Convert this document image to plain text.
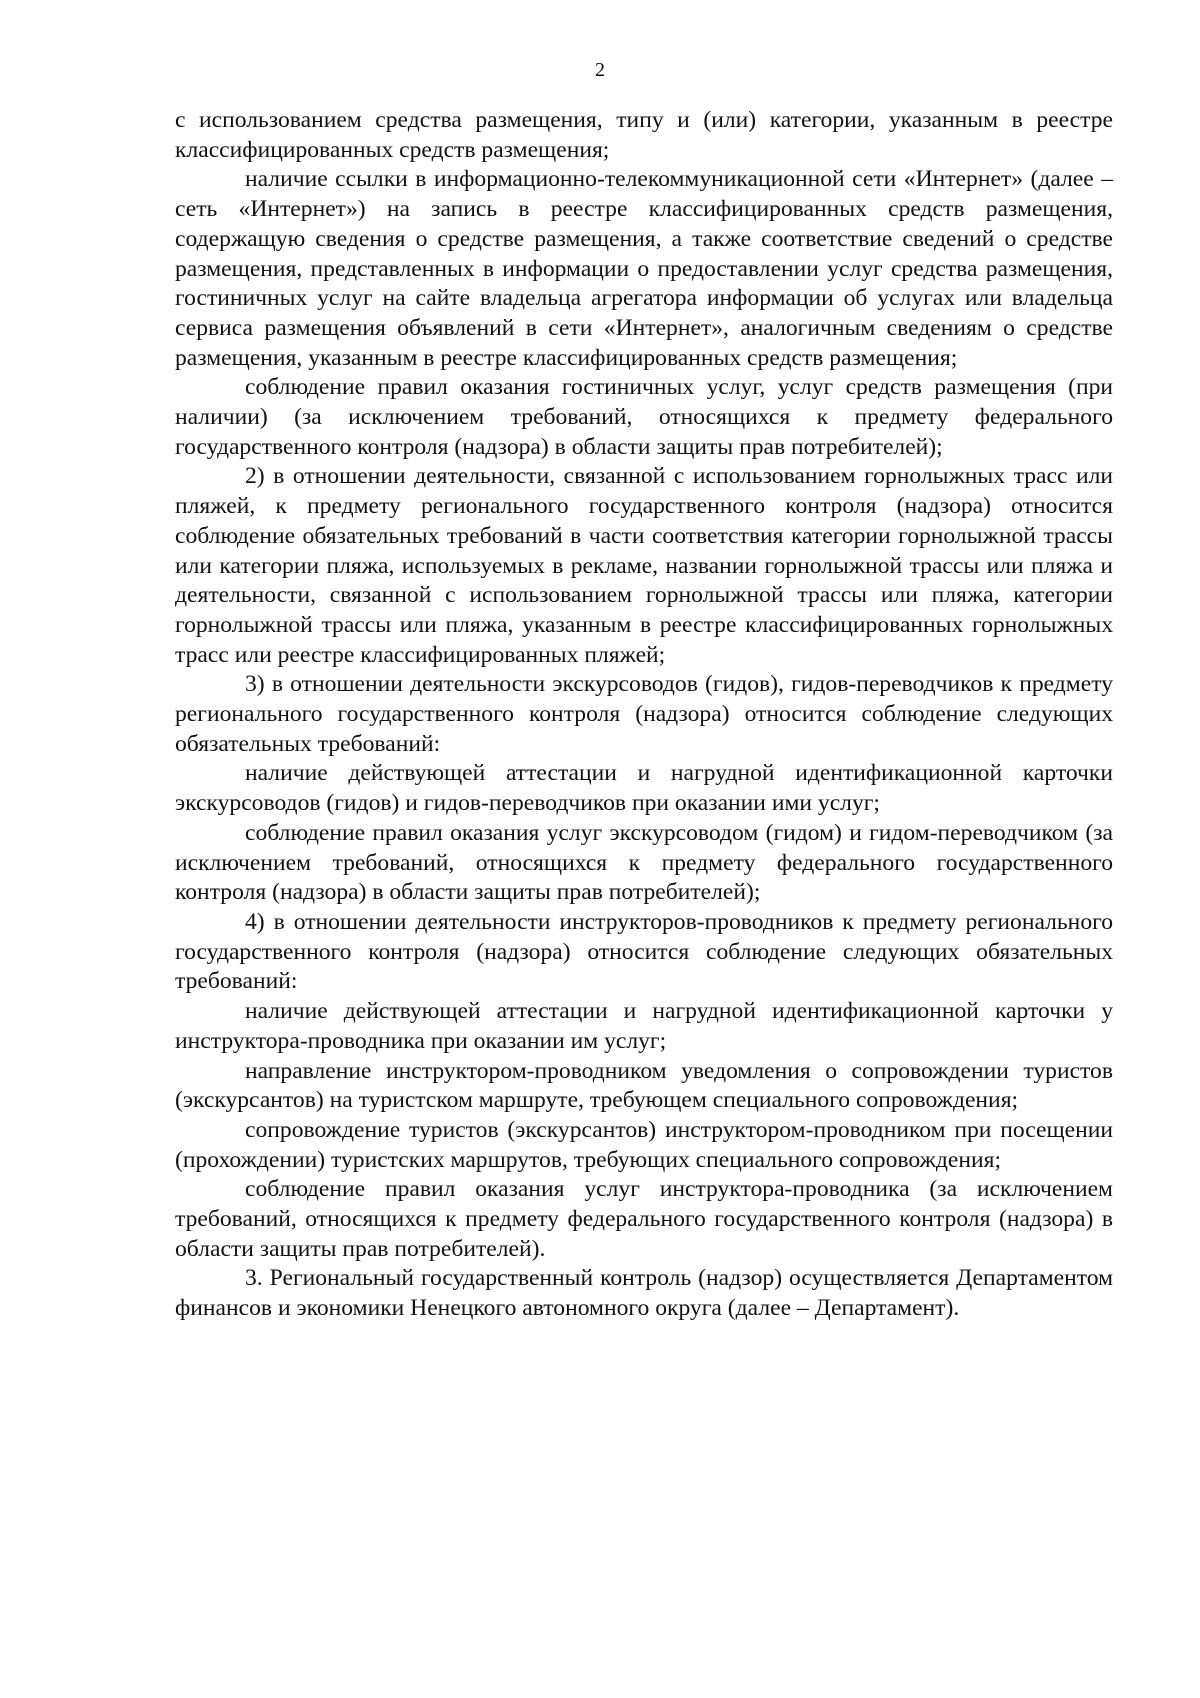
2

с использованием средства размещения, типу и (или) категории, указанным в реестре классифицированных средств размещения;

наличие ссылки в информационно-телекоммуникационной сети «Интернет» (далее – сеть «Интернет») на запись в реестре классифицированных средств размещения, содержащую сведения о средстве размещения, а также соответствие сведений о средстве размещения, представленных в информации о предоставлении услуг средства размещения, гостиничных услуг на сайте владельца агрегатора информации об услугах или владельца сервиса размещения объявлений в сети «Интернет», аналогичным сведениям о средстве размещения, указанным в реестре классифицированных средств размещения;

соблюдение правил оказания гостиничных услуг, услуг средств размещения (при наличии) (за исключением требований, относящихся к предмету федерального государственного контроля (надзора) в области защиты прав потребителей);

2) в отношении деятельности, связанной с использованием горнолыжных трасс или пляжей, к предмету регионального государственного контроля (надзора) относится соблюдение обязательных требований в части соответствия категории горнолыжной трассы или категории пляжа, используемых в рекламе, названии горнолыжной трассы или пляжа и деятельности, связанной с использованием горнолыжной трассы или пляжа, категории горнолыжной трассы или пляжа, указанным в реестре классифицированных горнолыжных трасс или реестре классифицированных пляжей;

3) в отношении деятельности экскурсоводов (гидов), гидов-переводчиков к предмету регионального государственного контроля (надзора) относится соблюдение следующих обязательных требований:

наличие действующей аттестации и нагрудной идентификационной карточки экскурсоводов (гидов) и гидов-переводчиков при оказании ими услуг;

соблюдение правил оказания услуг экскурсоводом (гидом) и гидом-переводчиком (за исключением требований, относящихся к предмету федерального государственного контроля (надзора) в области защиты прав потребителей);

4) в отношении деятельности инструкторов-проводников к предмету регионального государственного контроля (надзора) относится соблюдение следующих обязательных требований:

наличие действующей аттестации и нагрудной идентификационной карточки у инструктора-проводника при оказании им услуг;

направление инструктором-проводником уведомления о сопровождении туристов (экскурсантов) на туристском маршруте, требующем специального сопровождения;

сопровождение туристов (экскурсантов) инструктором-проводником при посещении (прохождении) туристских маршрутов, требующих специального сопровождения;

соблюдение правил оказания услуг инструктора-проводника (за исключением требований, относящихся к предмету федерального государственного контроля (надзора) в области защиты прав потребителей).

3. Региональный государственный контроль (надзор) осуществляется Департаментом финансов и экономики Ненецкого автономного округа (далее – Департамент).
